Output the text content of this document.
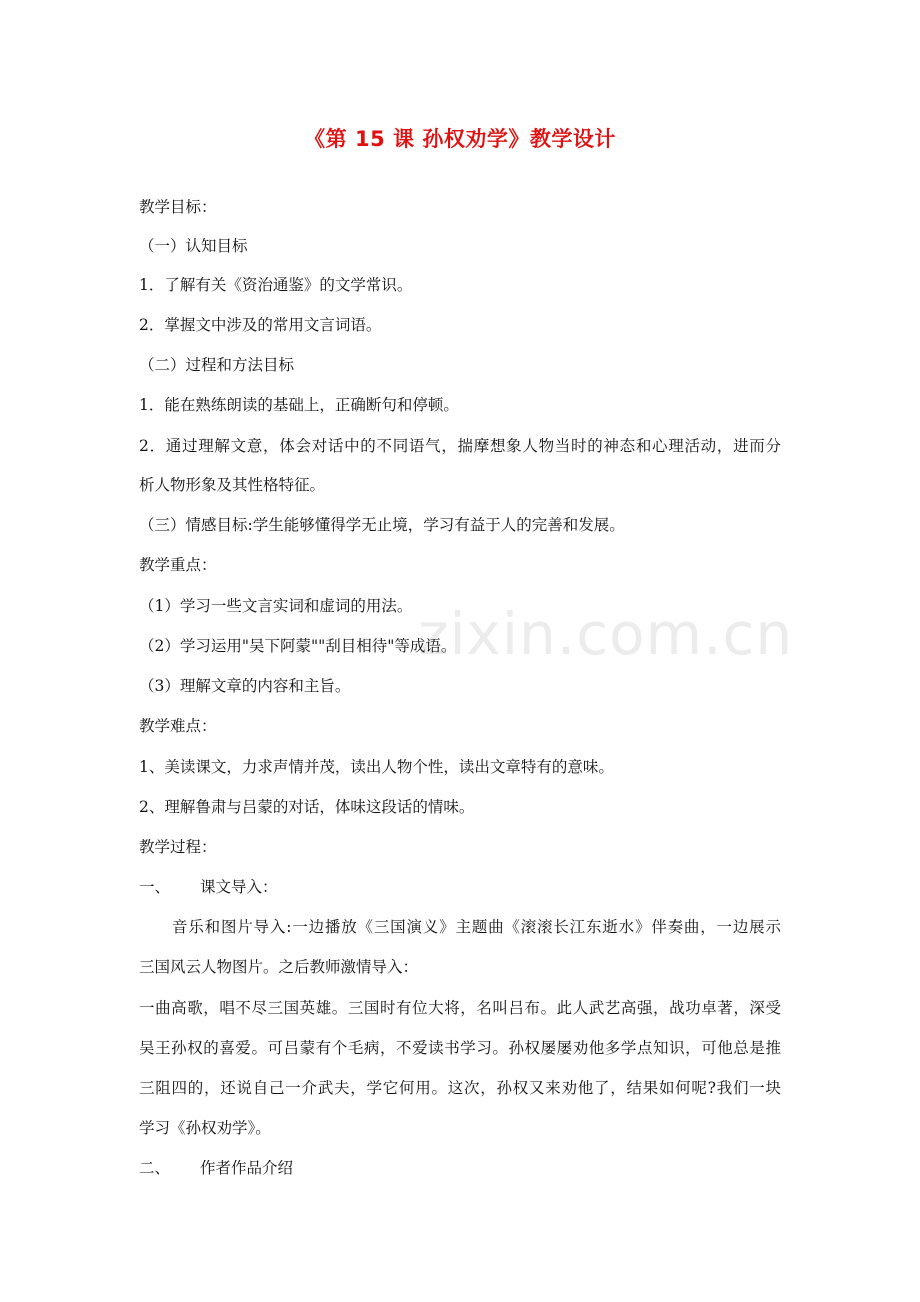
zixin.com.cn
《第 15 课 孙权劝学》教学设计
教学目标：
（一）认知目标
1．了解有关《资治通鉴》的文学常识。
2．掌握文中涉及的常用文言词语。
（二）过程和方法目标
1．能在熟练朗读的基础上，正确断句和停顿。
2．通过理解文意，体会对话中的不同语气，揣摩想象人物当时的神态和心理活动，进而分
析人物形象及其性格特征。
（三）情感目标:学生能够懂得学无止境，学习有益于人的完善和发展。
教学重点：
（1）学习一些文言实词和虚词的用法。
（2）学习运用"吴下阿蒙""刮目相待"等成语。
（3）理解文章的内容和主旨。
教学难点：
1、美读课文，力求声情并茂，读出人物个性，读出文章特有的意味。
2、理解鲁肃与吕蒙的对话，体味这段话的情味。
教学过程：
一、 课文导入：
音乐和图片导入:一边播放《三国演义》主题曲《滚滚长江东逝水》伴奏曲，一边展示
三国风云人物图片。之后教师激情导入：
一曲高歌，唱不尽三国英雄。三国时有位大将，名叫吕布。此人武艺高强，战功卓著，深受
吴王孙权的喜爱。可吕蒙有个毛病，不爱读书学习。孙权屡屡劝他多学点知识，可他总是推
三阻四的，还说自己一介武夫，学它何用。这次，孙权又来劝他了，结果如何呢?我们一块
学习《孙权劝学》。
二、 作者作品介绍
